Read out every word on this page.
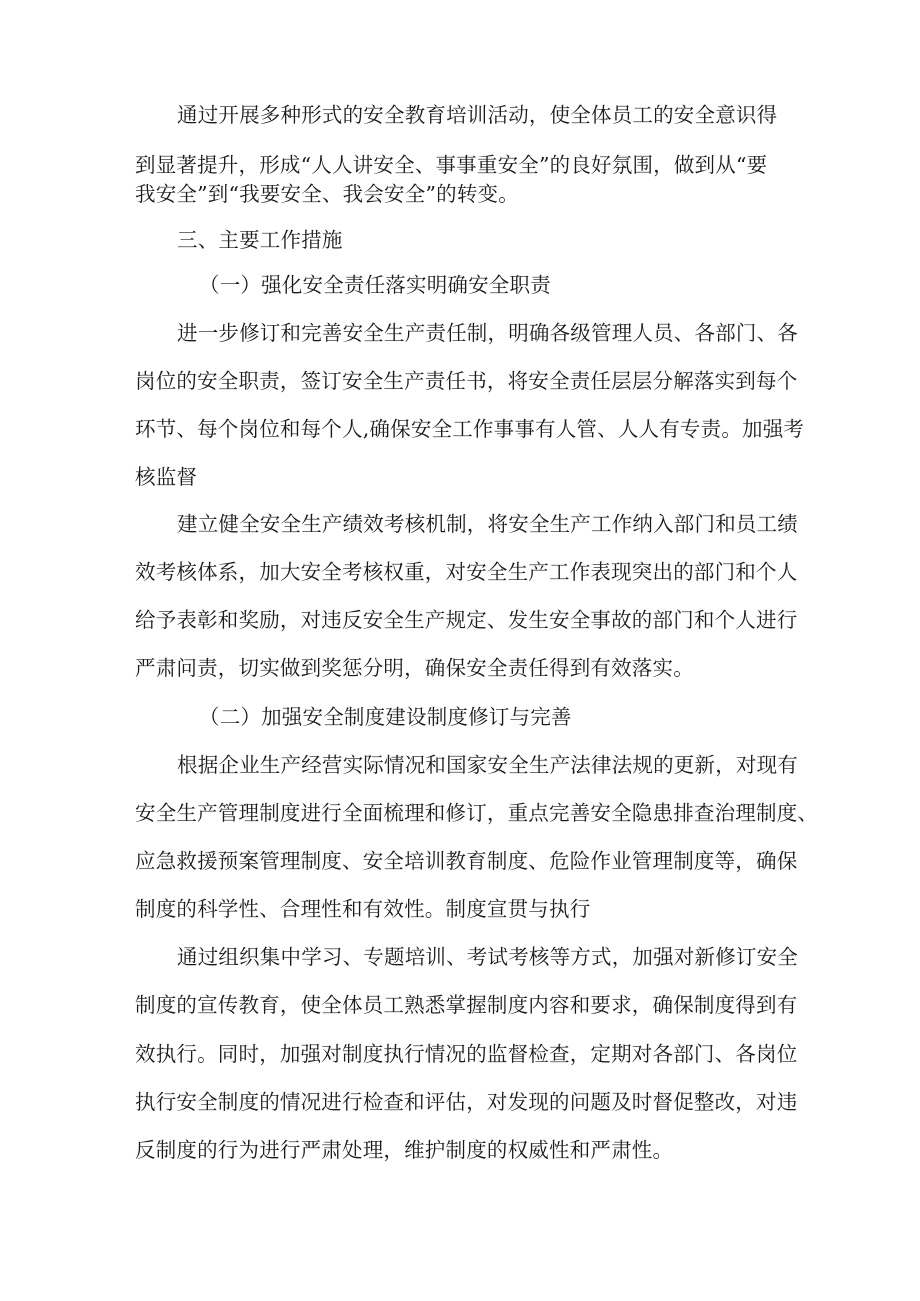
通过开展多种形式的安全教育培训活动，使全体员工的安全意识得
到显著提升，形成“人人讲安全、事事重安全”的良好氛围，做到从“要
我安全”到“我要安全、我会安全”的转变。
三、主要工作措施
（一）强化安全责任落实明确安全职责
进一步修订和完善安全生产责任制，明确各级管理人员、各部门、各
岗位的安全职责，签订安全生产责任书，将安全责任层层分解落实到每个
环节、每个岗位和每个人,确保安全工作事事有人管、人人有专责。加强考
核监督
建立健全安全生产绩效考核机制，将安全生产工作纳入部门和员工绩
效考核体系，加大安全考核权重，对安全生产工作表现突出的部门和个人
给予表彰和奖励，对违反安全生产规定、发生安全事故的部门和个人进行
严肃问责，切实做到奖惩分明，确保安全责任得到有效落实。
（二）加强安全制度建设制度修订与完善
根据企业生产经营实际情况和国家安全生产法律法规的更新，对现有
安全生产管理制度进行全面梳理和修订，重点完善安全隐患排查治理制度、
应急救援预案管理制度、安全培训教育制度、危险作业管理制度等，确保
制度的科学性、合理性和有效性。制度宣贯与执行
通过组织集中学习、专题培训、考试考核等方式，加强对新修订安全
制度的宣传教育，使全体员工熟悉掌握制度内容和要求，确保制度得到有
效执行。同时，加强对制度执行情况的监督检查，定期对各部门、各岗位
执行安全制度的情况进行检查和评估，对发现的问题及时督促整改，对违
反制度的行为进行严肃处理，维护制度的权威性和严肃性。
